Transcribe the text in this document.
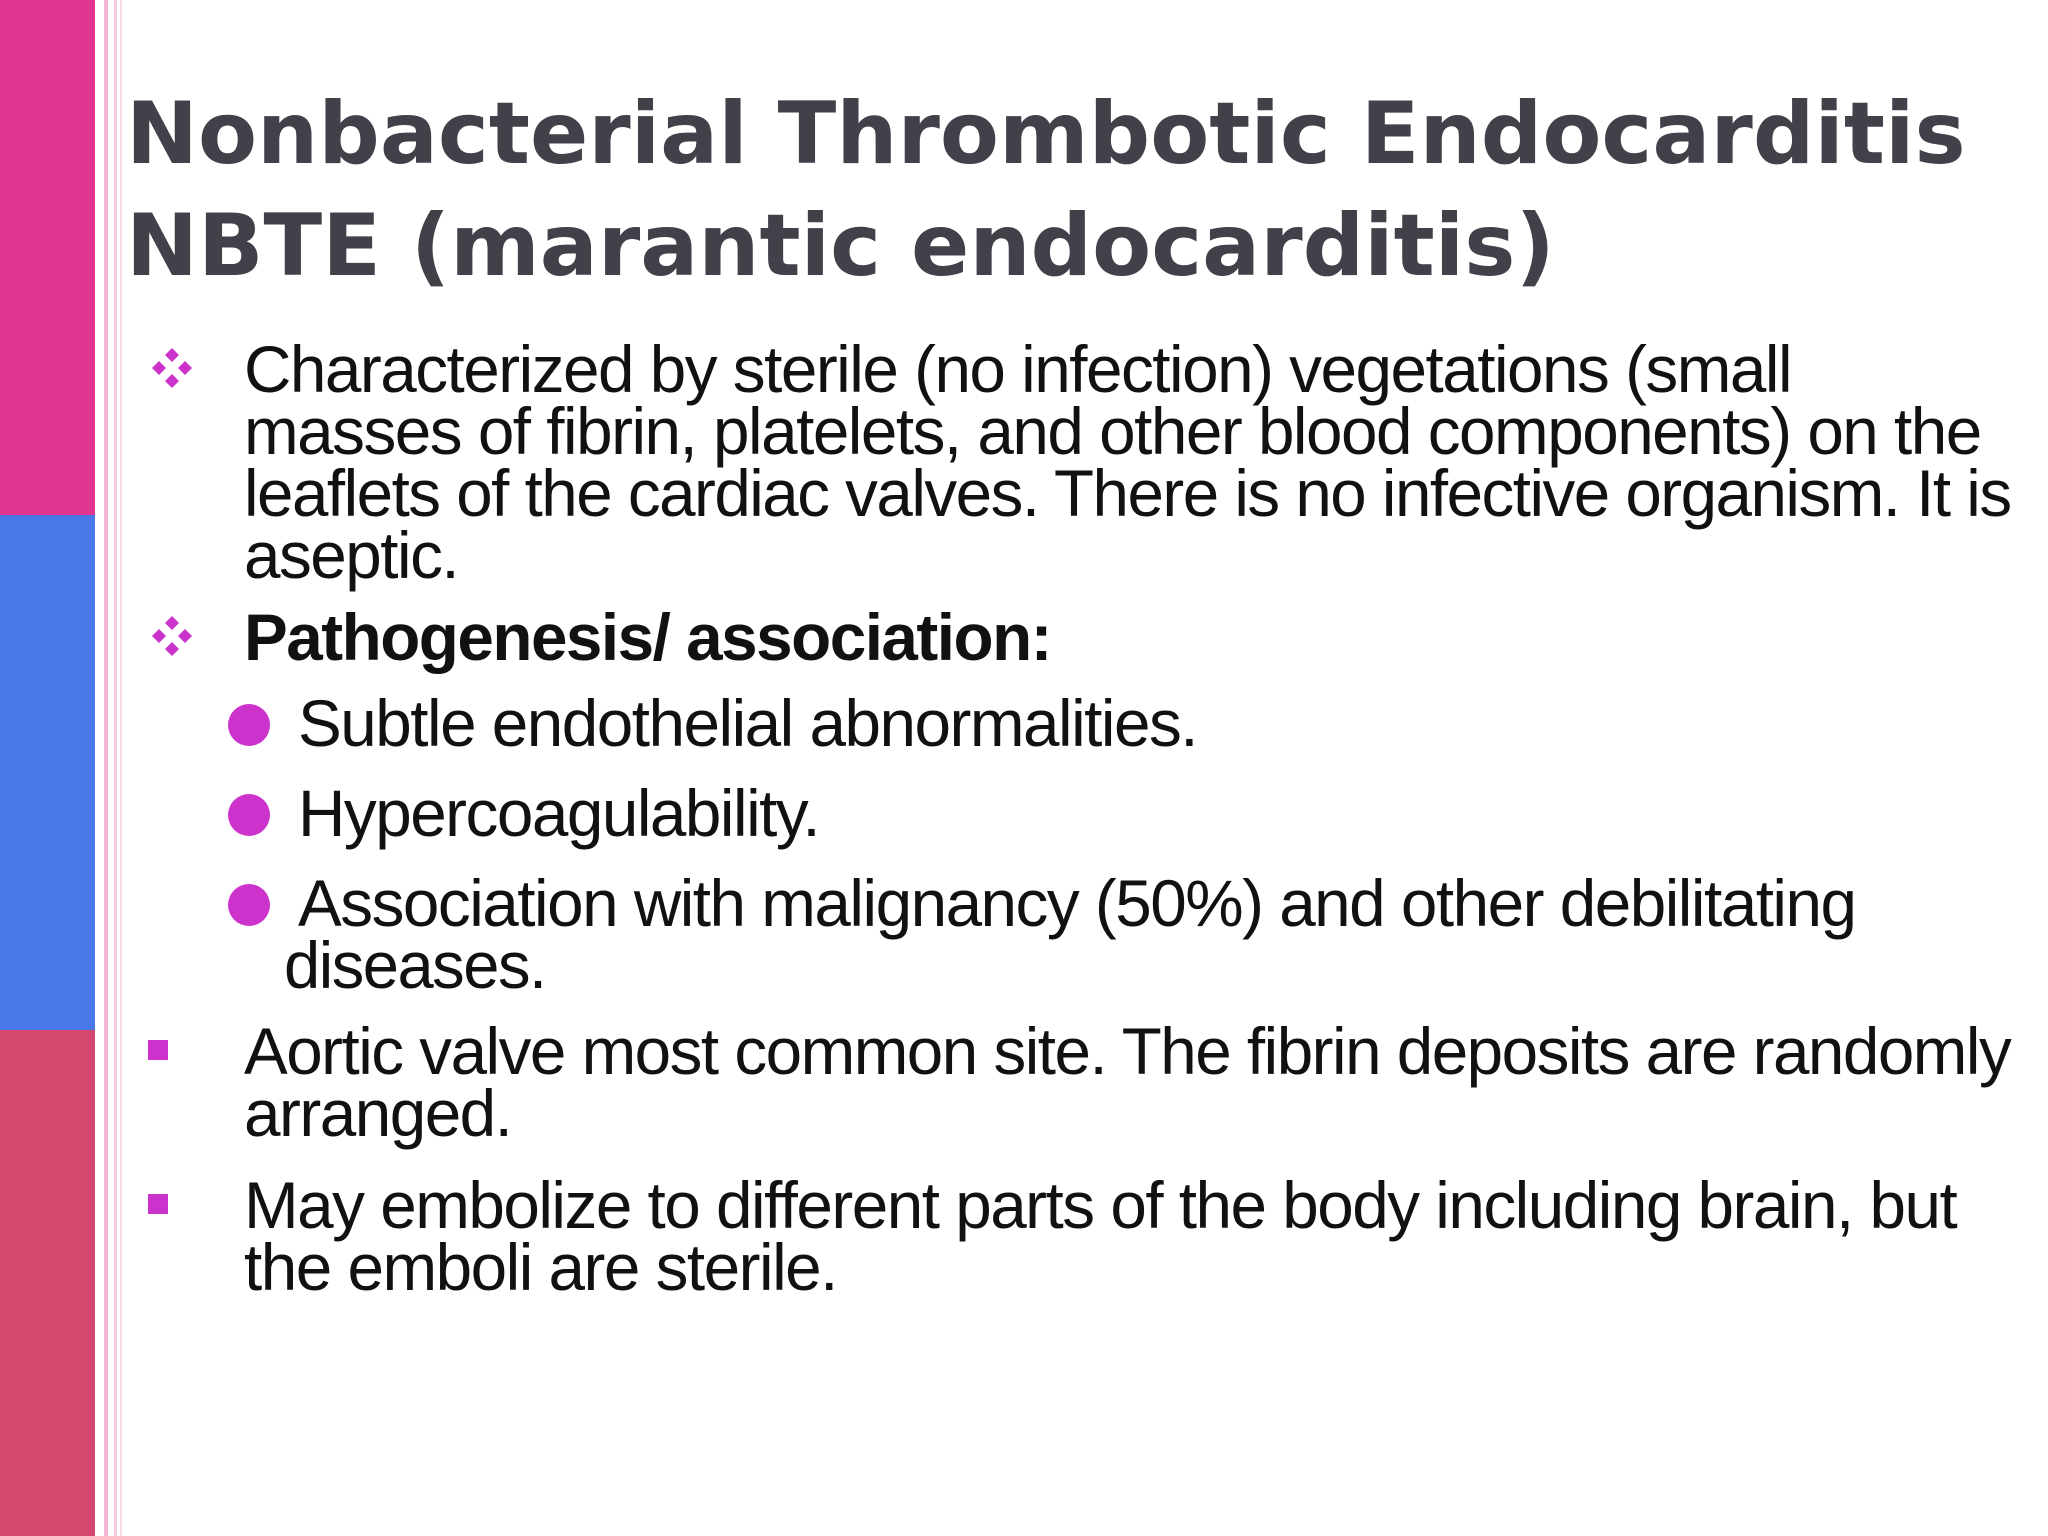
Nonbacterial Thrombotic Endocarditis
NBTE (marantic endocarditis)
Characterized by sterile (no infection) vegetations (small
masses of fibrin, platelets, and other blood components) on the
leaflets of the cardiac valves. There is no infective organism. It is
aseptic.
Pathogenesis/ association:
Subtle endothelial abnormalities.
Hypercoagulability.
Association with malignancy (50%) and other debilitating
diseases.
Aortic valve most common site. The fibrin deposits are randomly
arranged.
May embolize to different parts of the body including brain, but
the emboli are sterile.
